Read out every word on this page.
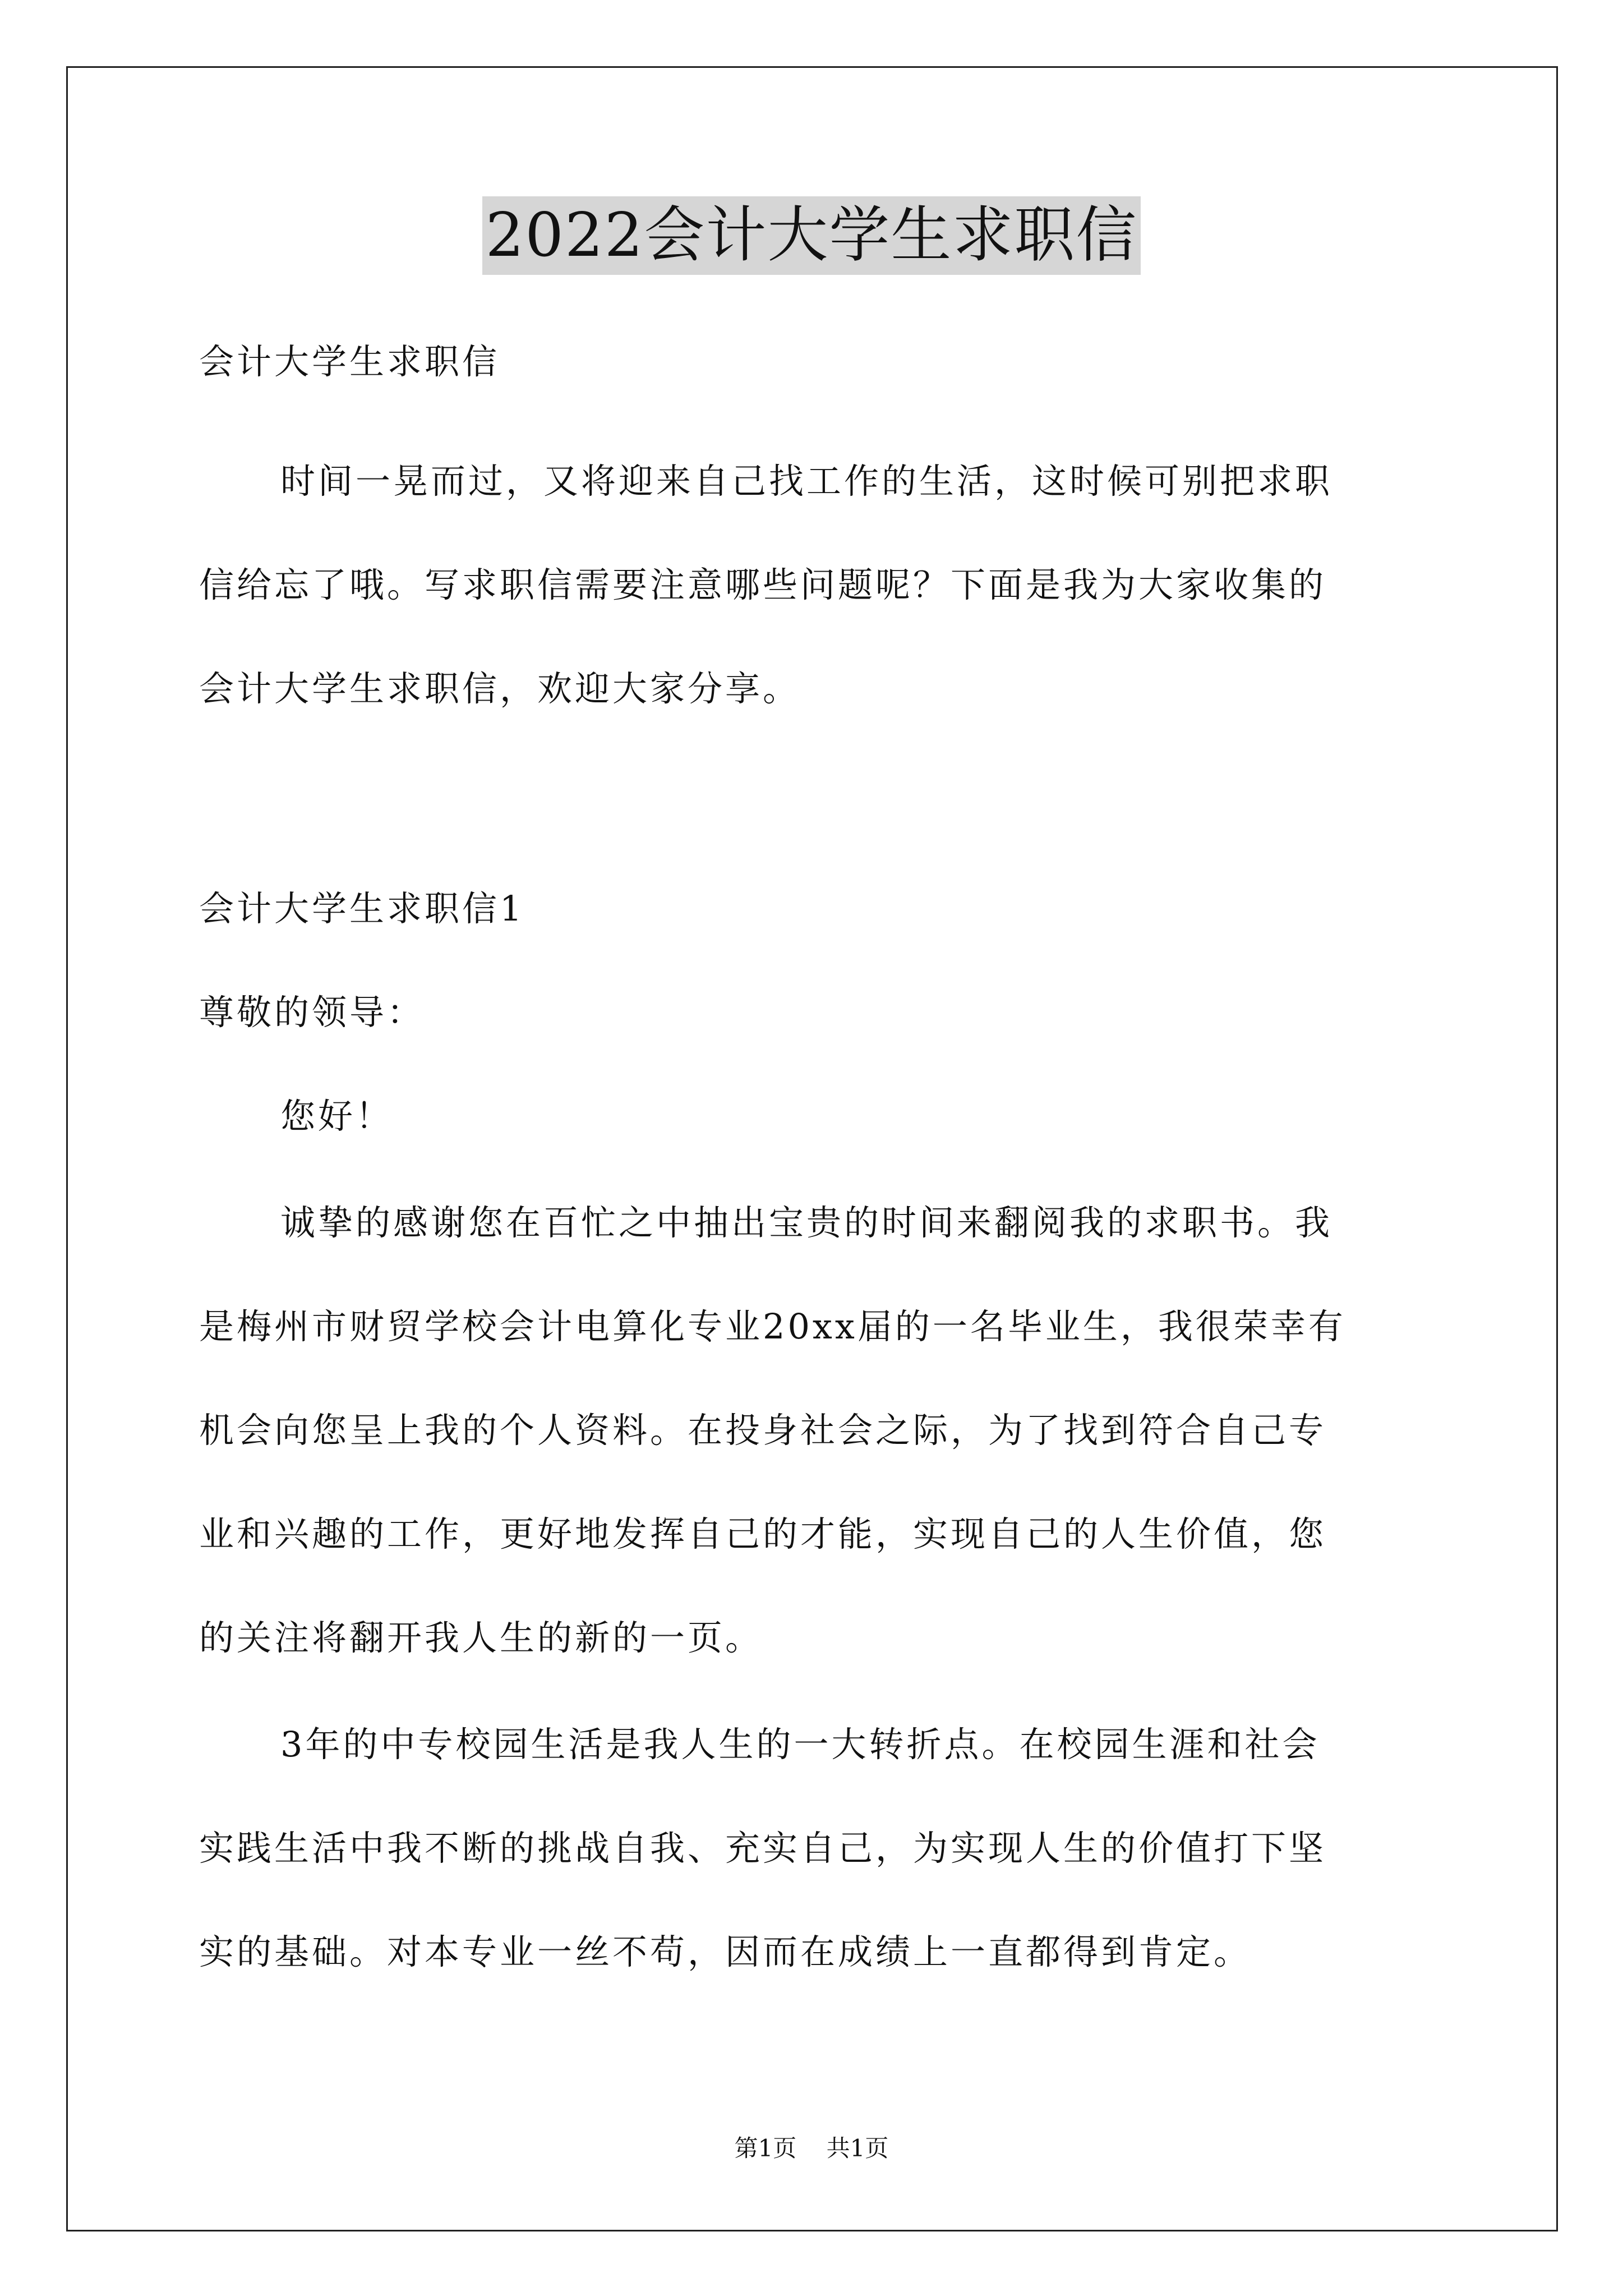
2022会计大学生求职信
会计大学生求职信
时间一晃而过，又将迎来自己找工作的生活，这时候可别把求职
信给忘了哦。写求职信需要注意哪些问题呢？下面是我为大家收集的
会计大学生求职信，欢迎大家分享。
会计大学生求职信1
尊敬的领导：
您好！
诚挚的感谢您在百忙之中抽出宝贵的时间来翻阅我的求职书。我
是梅州市财贸学校会计电算化专业20xx届的一名毕业生，我很荣幸有
机会向您呈上我的个人资料。在投身社会之际，为了找到符合自己专
业和兴趣的工作，更好地发挥自己的才能，实现自己的人生价值，您
的关注将翻开我人生的新的一页。
3年的中专校园生活是我人生的一大转折点。在校园生涯和社会
实践生活中我不断的挑战自我、充实自己，为实现人生的价值打下坚
实的基础。对本专业一丝不苟，因而在成绩上一直都得到肯定。
第1页 共1页
